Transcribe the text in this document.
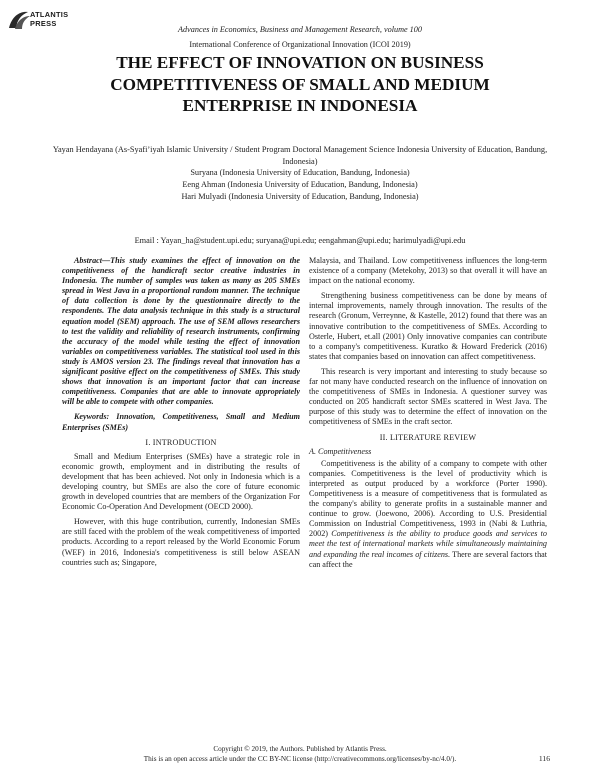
ATLANTIS
PRESS
Advances in Economics, Business and Management Research, volume 100
International Conference of Organizational Innovation (ICOI 2019)
THE EFFECT OF INNOVATION ON BUSINESS COMPETITIVENESS OF SMALL AND MEDIUM ENTERPRISE IN INDONESIA
Yayan Hendayana (As-Syafi’iyah Islamic University / Student Program Doctoral Management Science Indonesia University of Education, Bandung, Indonesia)
Suryana (Indonesia University of Education, Bandung, Indonesia)
Eeng Ahman (Indonesia University of Education, Bandung, Indonesia)
Hari Mulyadi (Indonesia University of Education, Bandung, Indonesia)
Email : Yayan_ha@student.upi.edu; suryana@upi.edu; eengahman@upi.edu; harimulyadi@upi.edu

Abstract—This study examines the effect of innovation on the competitiveness of the handicraft sector creative industries in Indonesia. The number of samples was taken as many as 205 SMEs spread in West Java in a proportional random manner. The technique of data collection is done by the questionnaire directly to the respondents. The data analysis technique in this study is a structural equation model (SEM) approach. The use of SEM allows researchers to test the validity and reliability of research instruments, confirming the accuracy of the model while testing the effect of innovation variables on competitiveness variables. The statistical tool used in this study is AMOS version 23. The findings reveal that innovation has a significant positive effect on the competitiveness of SMEs. This study shows that innovation is an important factor that can increase competitiveness. Companies that are able to innovate appropriately will be able to compete with other companies.

Keywords: Innovation, Competitiveness, Small and Medium Enterprises (SMEs)

I. INTRODUCTION

Small and Medium Enterprises (SMEs) have a strategic role in economic growth, employment and in distributing the results of development that has been achieved. Not only in Indonesia which is a developing country, but SMEs are also the core of future economic growth in developed countries that are members of the Organization For Economic Co-Operation And Development (OECD 2000).

However, with this huge contribution, currently, Indonesian SMEs are still faced with the problem of the weak competitiveness of imported products. According to a report released by the World Economic Forum (WEF) in 2016, Indonesia's competitiveness is still below ASEAN countries such as; Singapore,

Malaysia, and Thailand. Low competitiveness influences the long-term existence of a company (Metekohy, 2013) so that overall it will have an impact on the national economy.

Strengthening business competitiveness can be done by means of internal improvements, namely through innovation. The results of the research (Gronum, Verreynne, & Kastelle, 2012) found that there was an innovative contribution to the competitiveness of SMEs. According to Osterle, Hubert, et.all (2001) Only innovative companies can contribute to a company's competitiveness. Kuratko & Howard Frederick (2016) states that companies based on innovation can affect competitiveness.

This research is very important and interesting to study because so far not many have conducted research on the influence of innovation on the competitiveness of SMEs in Indonesia. A questioner survey was conducted on 205 handicraft sector SMEs scattered in West Java. The purpose of this study was to determine the effect of innovation on the competitiveness of SMEs in the craft sector.

II. LITERATURE REVIEW
A. Competitiveness

Competitiveness is the ability of a company to compete with other companies. Competitiveness is the level of productivity which is interpreted as output produced by a workforce (Porter 1990). Competitiveness is a measure of competitiveness that is formulated as the company's ability to generate profits in a sustainable manner and continue to grow. (Joewono, 2006). According to U.S. Presidential Commission on Industrial Competitiveness, 1993 in (Nabi & Luthria, 2002) Competitiveness is the ability to produce goods and services to meet the test of international markets while simultaneously maintaining and expanding the real incomes of citizens. There are several factors that can affect the

Copyright © 2019, the Authors. Published by Atlantis Press.
This is an open access article under the CC BY-NC license (http://creativecommons.org/licenses/by-nc/4.0/).	116
